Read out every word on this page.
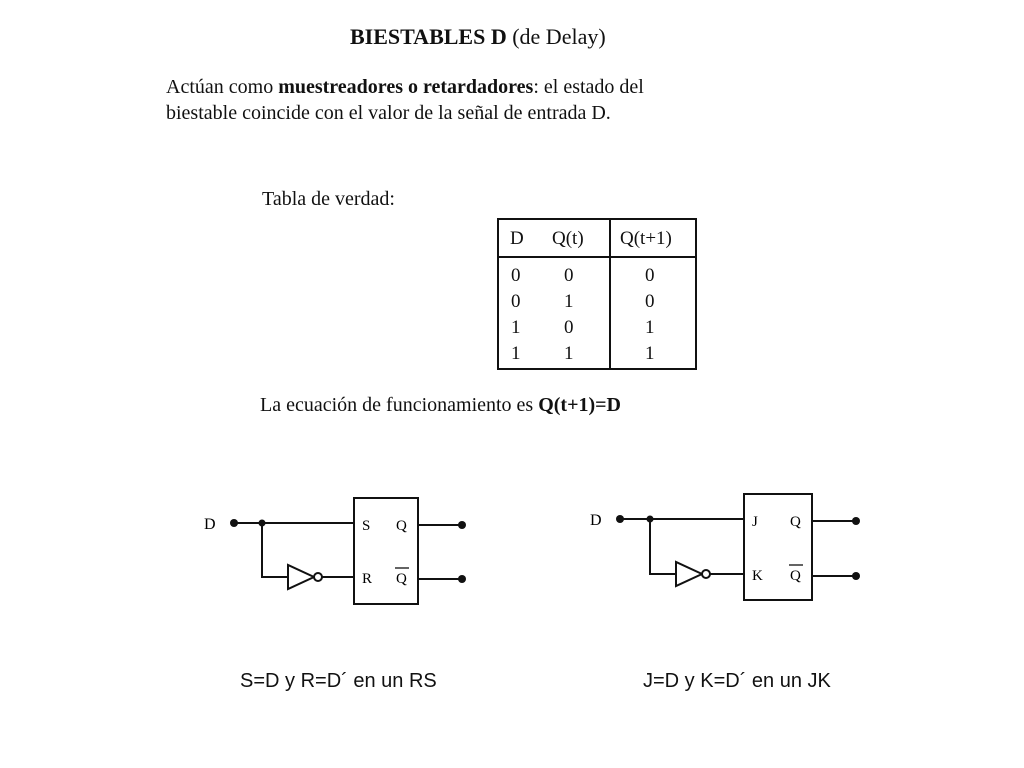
BIESTABLES D (de Delay)
Actúan como muestreadores o retardadores: el estado del
biestable coincide con el valor de la señal de entrada D.
Tabla de verdad:
D Q(t) Q(t+1)
0 0	0
0 1	0
1 0	1
1 1	1
La ecuación de funcionamiento es Q(t+1)=D
D	S
R
Q
Q
D	J
K
Q
Q
S=D y R=D´ en un RS	J=D y K=D´ en un JK
